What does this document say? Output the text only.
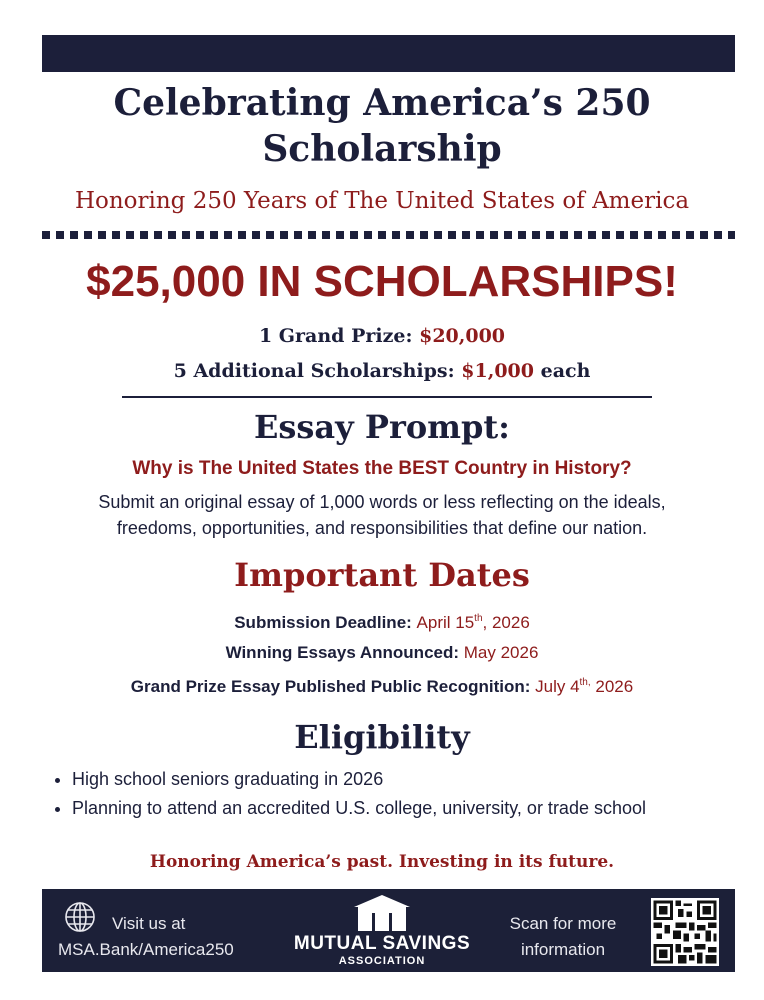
Celebrating America’s 250
Scholarship
Honoring 250 Years of The United States of America
$25,000 IN SCHOLARSHIPS!
1 Grand Prize: $20,000
5 Additional Scholarships: $1,000 each
Essay Prompt:
Why is The United States the BEST Country in History?
Submit an original essay of 1,000 words or less reflecting on the ideals,
freedoms, opportunities, and responsibilities that define our nation.
Important Dates
Submission Deadline: April 15th, 2026
Winning Essays Announced: May 2026
Grand Prize Essay Published Public Recognition: July $4^{th,}$ 2026
Eligibility
• High school seniors graduating in 2026
• Planning to attend an accredited U.S. college, university, or trade school
Honoring America’s past. Investing in its future.
Visit us at
MSA.Bank/America250	MUTUAL SAVINGS
ASSOCIATION
Scan for more
information
